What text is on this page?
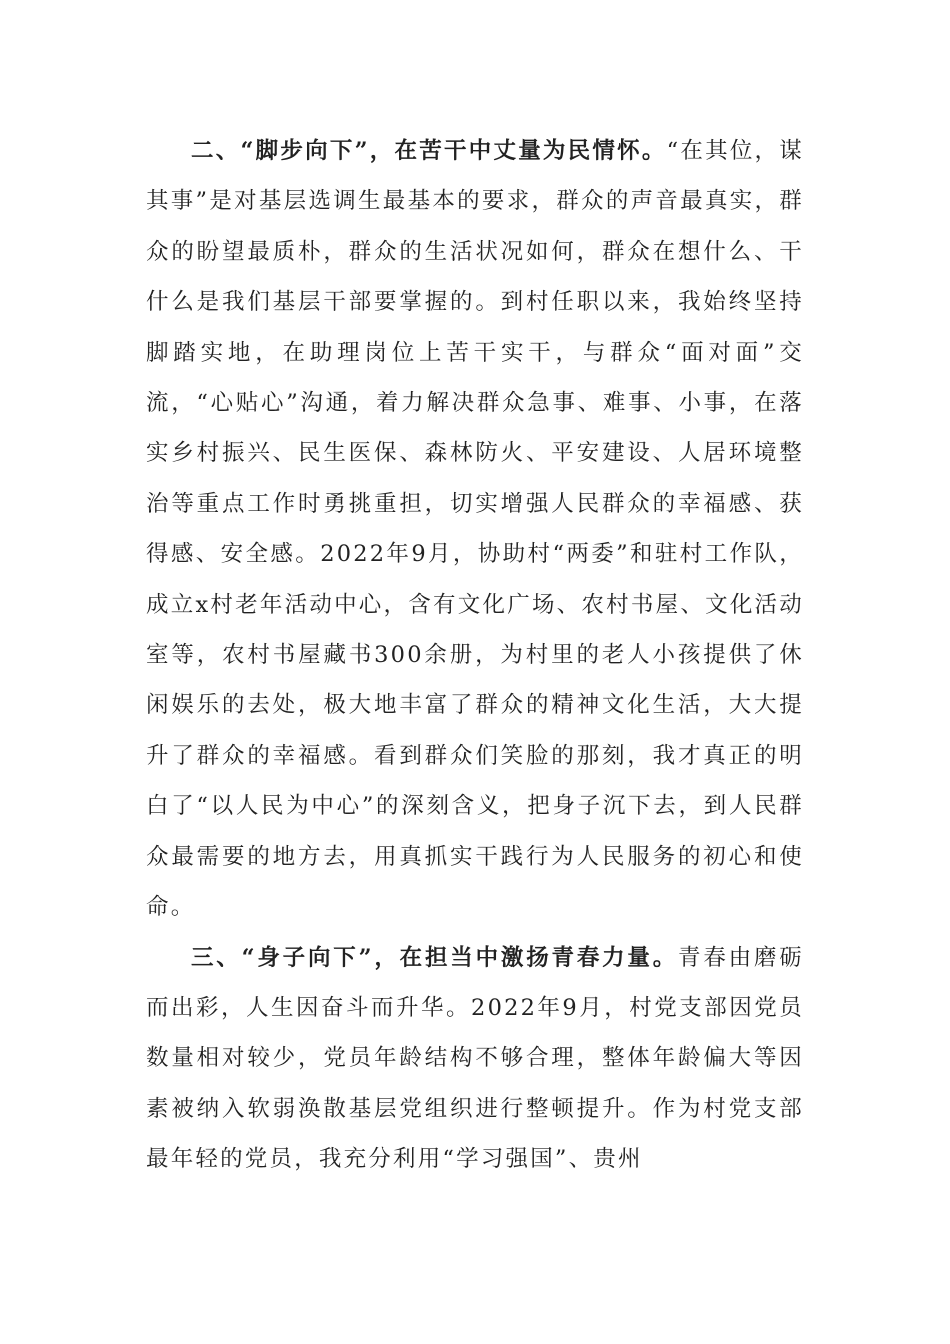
二、“脚步向下”，在苦干中丈量为民情怀。“在其位，谋其事”是对基层选调生最基本的要求，群众的声音最真实，群众的盼望最质朴，群众的生活状况如何，群众在想什么、干什么是我们基层干部要掌握的。到村任职以来，我始终坚持脚踏实地，在助理岗位上苦干实干，与群众“面对面”交流，“心贴心”沟通，着力解决群众急事、难事、小事，在落实乡村振兴、民生医保、森林防火、平安建设、人居环境整治等重点工作时勇挑重担，切实增强人民群众的幸福感、获得感、安全感。2022年9月，协助村“两委”和驻村工作队，成立x村老年活动中心，含有文化广场、农村书屋、文化活动室等，农村书屋藏书300余册，为村里的老人小孩提供了休闲娱乐的去处，极大地丰富了群众的精神文化生活，大大提升了群众的幸福感。看到群众们笑脸的那刻，我才真正的明白了“以人民为中心”的深刻含义，把身子沉下去，到人民群众最需要的地方去，用真抓实干践行为人民服务的初心和使命。

三、“身子向下”，在担当中激扬青春力量。青春由磨砺而出彩，人生因奋斗而升华。2022年9月，村党支部因党员数量相对较少，党员年龄结构不够合理，整体年龄偏大等因素被纳入软弱涣散基层党组织进行整顿提升。作为村党支部最年轻的党员，我充分利用“学习强国”、贵州
